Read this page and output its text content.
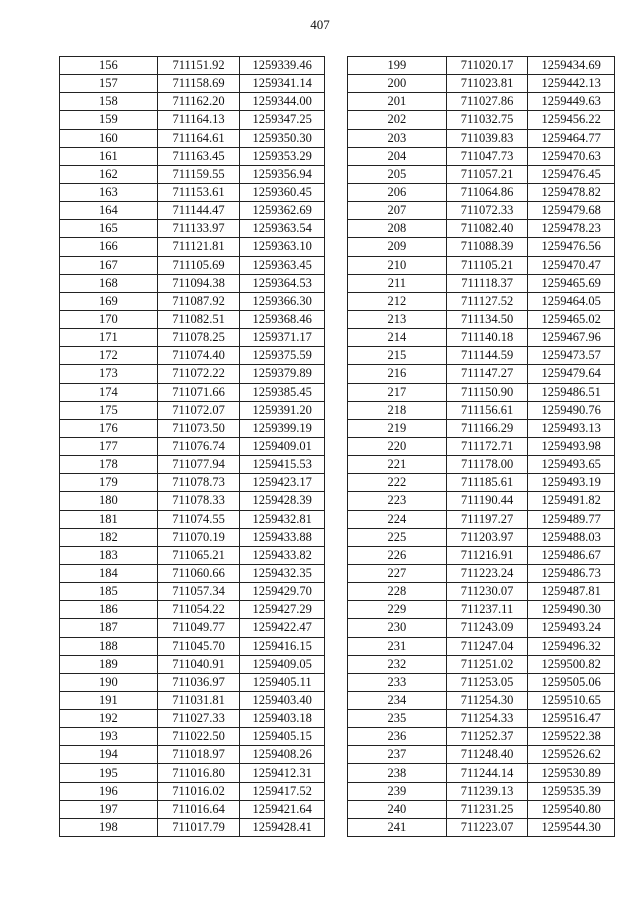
407
156	711151.92	1259339.46
157	711158.69	1259341.14
158	711162.20	1259344.00
159	711164.13	1259347.25
160	711164.61	1259350.30
161	711163.45	1259353.29
162	711159.55	1259356.94
163	711153.61	1259360.45
164	711144.47	1259362.69
165	711133.97	1259363.54
166	711121.81	1259363.10
167	711105.69	1259363.45
168	711094.38	1259364.53
169	711087.92	1259366.30
170	711082.51	1259368.46
171	711078.25	1259371.17
172	711074.40	1259375.59
173	711072.22	1259379.89
174	711071.66	1259385.45
175	711072.07	1259391.20
176	711073.50	1259399.19
177	711076.74	1259409.01
178	711077.94	1259415.53
179	711078.73	1259423.17
180	711078.33	1259428.39
181	711074.55	1259432.81
182	711070.19	1259433.88
183	711065.21	1259433.82
184	711060.66	1259432.35
185	711057.34	1259429.70
186	711054.22	1259427.29
187	711049.77	1259422.47
188	711045.70	1259416.15
189	711040.91	1259409.05
190	711036.97	1259405.11
191	711031.81	1259403.40
192	711027.33	1259403.18
193	711022.50	1259405.15
194	711018.97	1259408.26
195	711016.80	1259412.31
196	711016.02	1259417.52
197	711016.64	1259421.64
198	711017.79	1259428.41
199	711020.17	1259434.69
200	711023.81	1259442.13
201	711027.86	1259449.63
202	711032.75	1259456.22
203	711039.83	1259464.77
204	711047.73	1259470.63
205	711057.21	1259476.45
206	711064.86	1259478.82
207	711072.33	1259479.68
208	711082.40	1259478.23
209	711088.39	1259476.56
210	711105.21	1259470.47
211	711118.37	1259465.69
212	711127.52	1259464.05
213	711134.50	1259465.02
214	711140.18	1259467.96
215	711144.59	1259473.57
216	711147.27	1259479.64
217	711150.90	1259486.51
218	711156.61	1259490.76
219	711166.29	1259493.13
220	711172.71	1259493.98
221	711178.00	1259493.65
222	711185.61	1259493.19
223	711190.44	1259491.82
224	711197.27	1259489.77
225	711203.97	1259488.03
226	711216.91	1259486.67
227	711223.24	1259486.73
228	711230.07	1259487.81
229	711237.11	1259490.30
230	711243.09	1259493.24
231	711247.04	1259496.32
232	711251.02	1259500.82
233	711253.05	1259505.06
234	711254.30	1259510.65
235	711254.33	1259516.47
236	711252.37	1259522.38
237	711248.40	1259526.62
238	711244.14	1259530.89
239	711239.13	1259535.39
240	711231.25	1259540.80
241	711223.07	1259544.30
